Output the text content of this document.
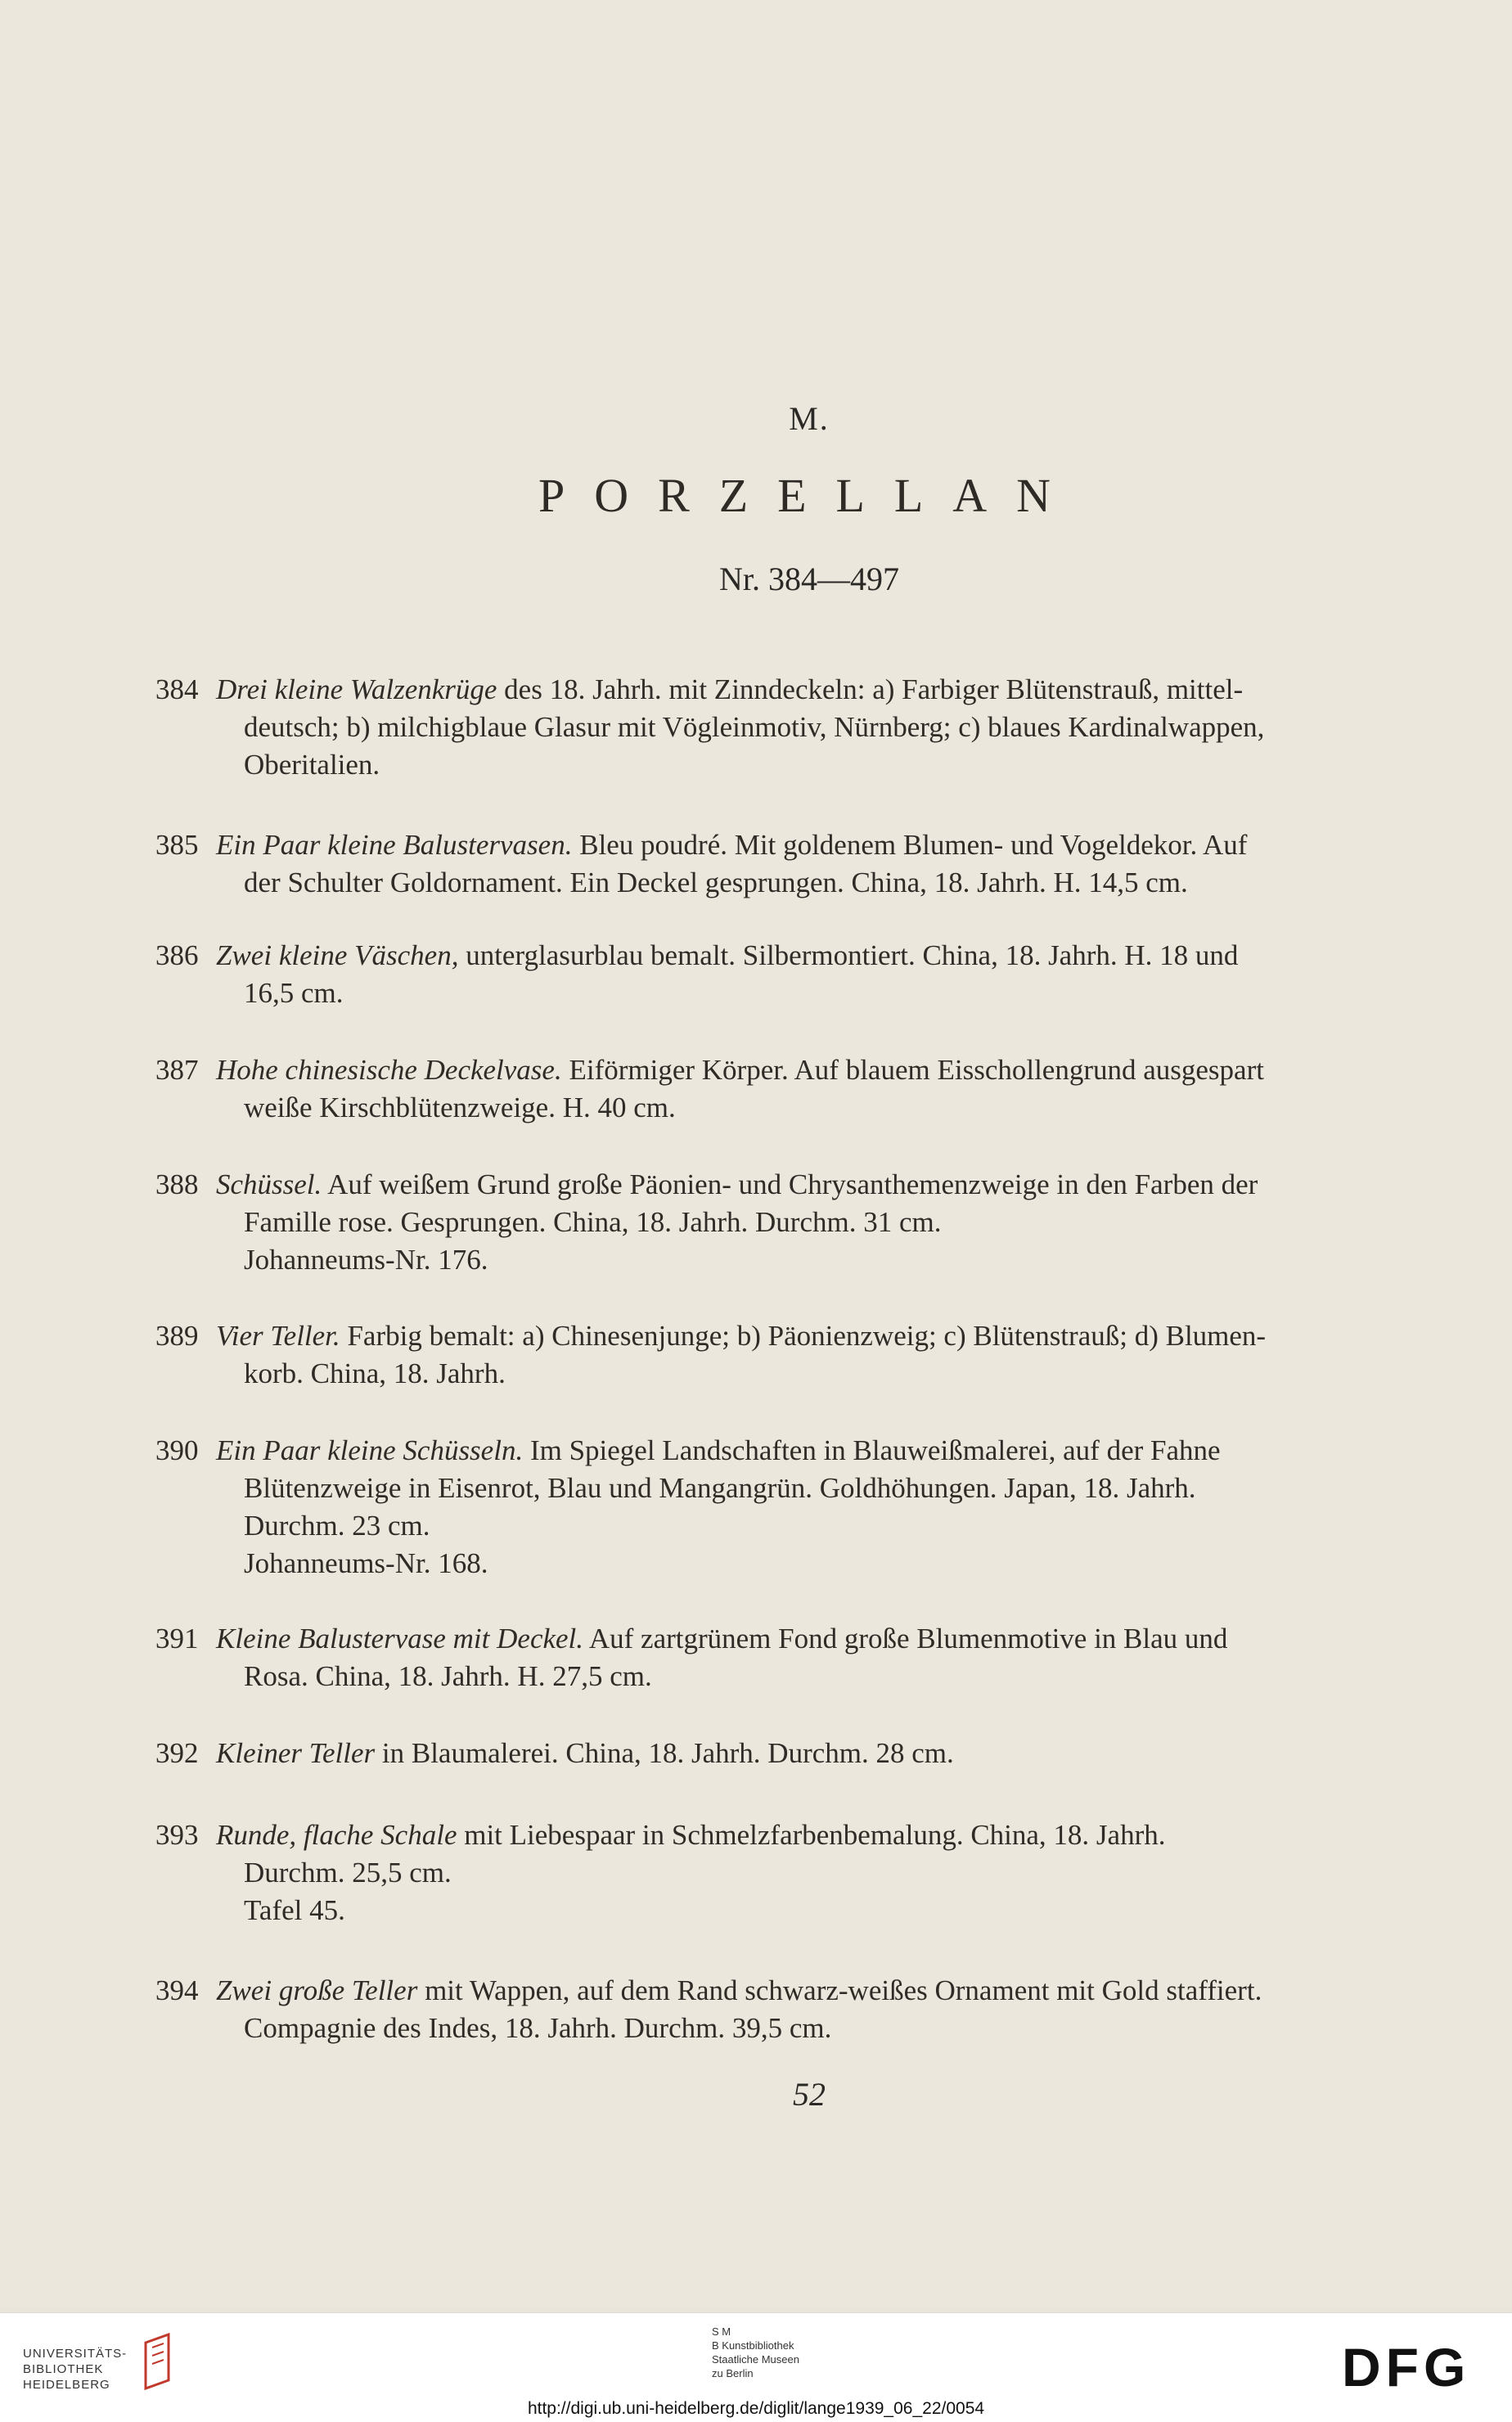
M.
PORZELLAN
Nr. 384—497
384 Drei kleine Walzenkrüge des 18. Jahrh. mit Zinndeckeln: a) Farbiger Blütenstrauß, mittel-
deutsch; b) milchigblaue Glasur mit Vögleinmotiv, Nürnberg; c) blaues Kardinalwappen,
Oberitalien.
385 Ein Paar kleine Balustervasen. Bleu poudré. Mit goldenem Blumen- und Vogeldekor. Auf
der Schulter Goldornament. Ein Deckel gesprungen. China, 18. Jahrh. H. 14,5 cm.
386 Zwei kleine Väschen, unterglasurblau bemalt. Silbermontiert. China, 18. Jahrh. H. 18 und
16,5 cm.
387 Hohe chinesische Deckelvase. Eiförmiger Körper. Auf blauem Eisschollengrund ausgespart
weiße Kirschblütenzweige. H. 40 cm.
388 Schüssel. Auf weißem Grund große Päonien- und Chrysanthemenzweige in den Farben der
Famille rose. Gesprungen. China, 18. Jahrh. Durchm. 31 cm.
Johanneums-Nr. 176.
389 Vier Teller. Farbig bemalt: a) Chinesenjunge; b) Päonienzweig; c) Blütenstrauß; d) Blumen-
korb. China, 18. Jahrh.
390 Ein Paar kleine Schüsseln. Im Spiegel Landschaften in Blauweißmalerei, auf der Fahne
Blütenzweige in Eisenrot, Blau und Mangangrün. Goldhöhungen. Japan, 18. Jahrh.
Durchm. 23 cm.
Johanneums-Nr. 168.
391 Kleine Balustervase mit Deckel. Auf zartgrünem Fond große Blumenmotive in Blau und
Rosa. China, 18. Jahrh. H. 27,5 cm.
392 Kleiner Teller in Blaumalerei. China, 18. Jahrh. Durchm. 28 cm.
393 Runde, flache Schale mit Liebespaar in Schmelzfarbenbemalung. China, 18. Jahrh.
Durchm. 25,5 cm.
Tafel 45.
394 Zwei große Teller mit Wappen, auf dem Rand schwarz-weißes Ornament mit Gold staffiert.
Compagnie des Indes, 18. Jahrh. Durchm. 39,5 cm.
52
UNIVERSITÄTS-
BIBLIOTHEK
HEIDELBERG
S M
B Kunstbibliothek
Staatliche Museen
zu Berlin	DFG
http://digi.ub.uni-heidelberg.de/diglit/lange1939_06_22/0054
